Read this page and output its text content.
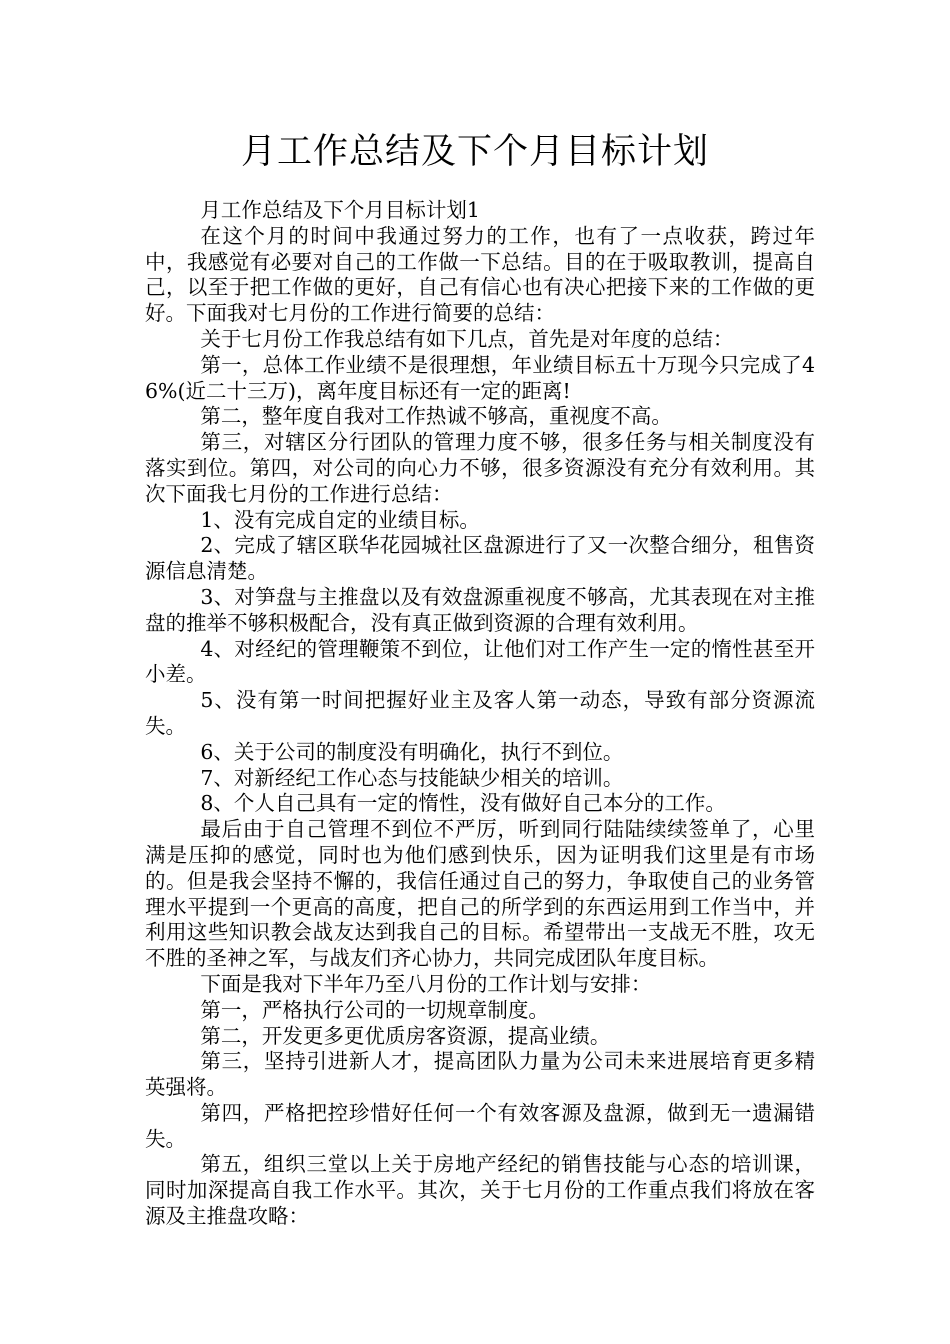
月工作总结及下个月目标计划

月工作总结及下个月目标计划1

在这个月的时间中我通过努力的工作，也有了一点收获，跨过年中，我感觉有必要对自己的工作做一下总结。目的在于吸取教训，提高自己，以至于把工作做的更好，自己有信心也有决心把接下来的工作做的更好。下面我对七月份的工作进行简要的总结：

关于七月份工作我总结有如下几点，首先是对年度的总结：

第一，总体工作业绩不是很理想，年业绩目标五十万现今只完成了46%(近二十三万)，离年度目标还有一定的距离!

第二，整年度自我对工作热诚不够高，重视度不高。

第三，对辖区分行团队的管理力度不够，很多任务与相关制度没有落实到位。第四，对公司的向心力不够，很多资源没有充分有效利用。其次下面我七月份的工作进行总结：

1、没有完成自定的业绩目标。

2、完成了辖区联华花园城社区盘源进行了又一次整合细分，租售资源信息清楚。

3、对笋盘与主推盘以及有效盘源重视度不够高，尤其表现在对主推盘的推举不够积极配合，没有真正做到资源的合理有效利用。

4、对经纪的管理鞭策不到位，让他们对工作产生一定的惰性甚至开小差。

5、没有第一时间把握好业主及客人第一动态，导致有部分资源流失。

6、关于公司的制度没有明确化，执行不到位。

7、对新经纪工作心态与技能缺少相关的培训。

8、个人自己具有一定的惰性，没有做好自己本分的工作。

最后由于自己管理不到位不严厉，听到同行陆陆续续签单了，心里满是压抑的感觉，同时也为他们感到快乐，因为证明我们这里是有市场的。但是我会坚持不懈的，我信任通过自己的努力，争取使自己的业务管理水平提到一个更高的高度，把自己的所学到的东西运用到工作当中，并利用这些知识教会战友达到我自己的目标。希望带出一支战无不胜，攻无不胜的圣神之军，与战友们齐心协力，共同完成团队年度目标。

下面是我对下半年乃至八月份的工作计划与安排：

第一，严格执行公司的一切规章制度。

第二，开发更多更优质房客资源，提高业绩。

第三，坚持引进新人才，提高团队力量为公司未来进展培育更多精英强将。

第四，严格把控珍惜好任何一个有效客源及盘源，做到无一遗漏错失。

第五，组织三堂以上关于房地产经纪的销售技能与心态的培训课，同时加深提高自我工作水平。其次，关于七月份的工作重点我们将放在客源及主推盘攻略：
